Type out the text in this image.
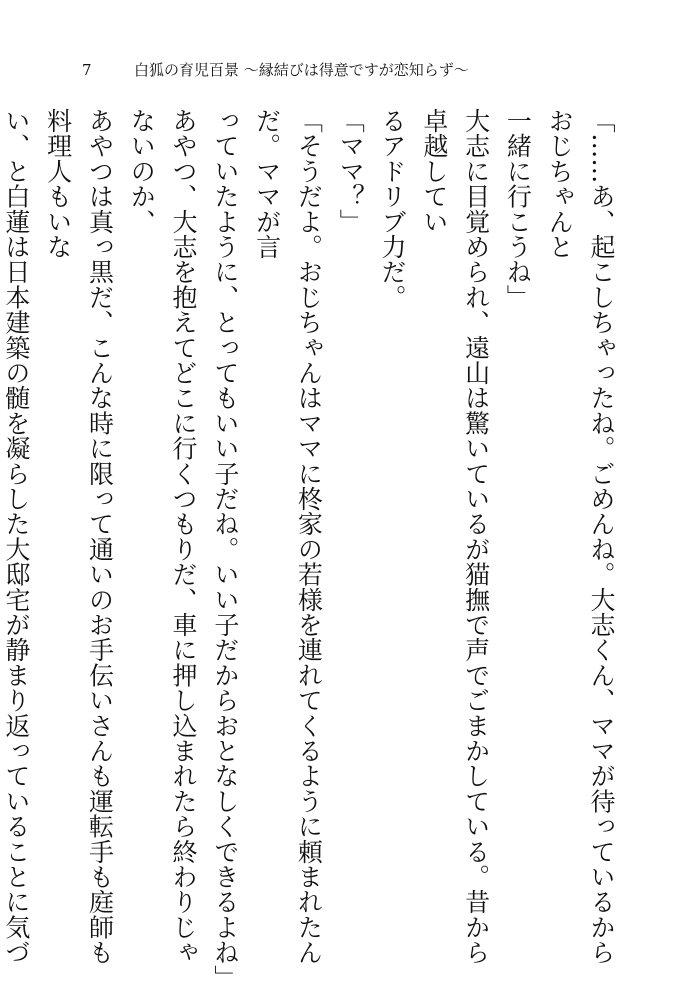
7	白狐の育児百景 〜縁結びは得意ですが恋知らず〜

「……あ、起こしちゃったね。ごめんね。大志くん、ママが待っているからおじちゃんと

一緒に行こうね」

大志に目覚められ、遠山は驚いているが猫撫で声でごまかしている。昔から卓越してい

るアドリブ力だ。

「ママ？」

「そうだよ。おじちゃんはママに柊家の若様を連れてくるように頼まれたんだ。ママが言

っていたように、とってもいい子だね。いい子だからおとなしくできるよね」

あやつ、大志を抱えてどこに行くつもりだ、車に押し込まれたら終わりじゃないのか、

あやつは真っ黒だ、こんな時に限って通いのお手伝いさんも運転手も庭師も料理人もいな

い、と白蓮は日本建築の髄を凝らした大邸宅が静まり返っていることに気づ
